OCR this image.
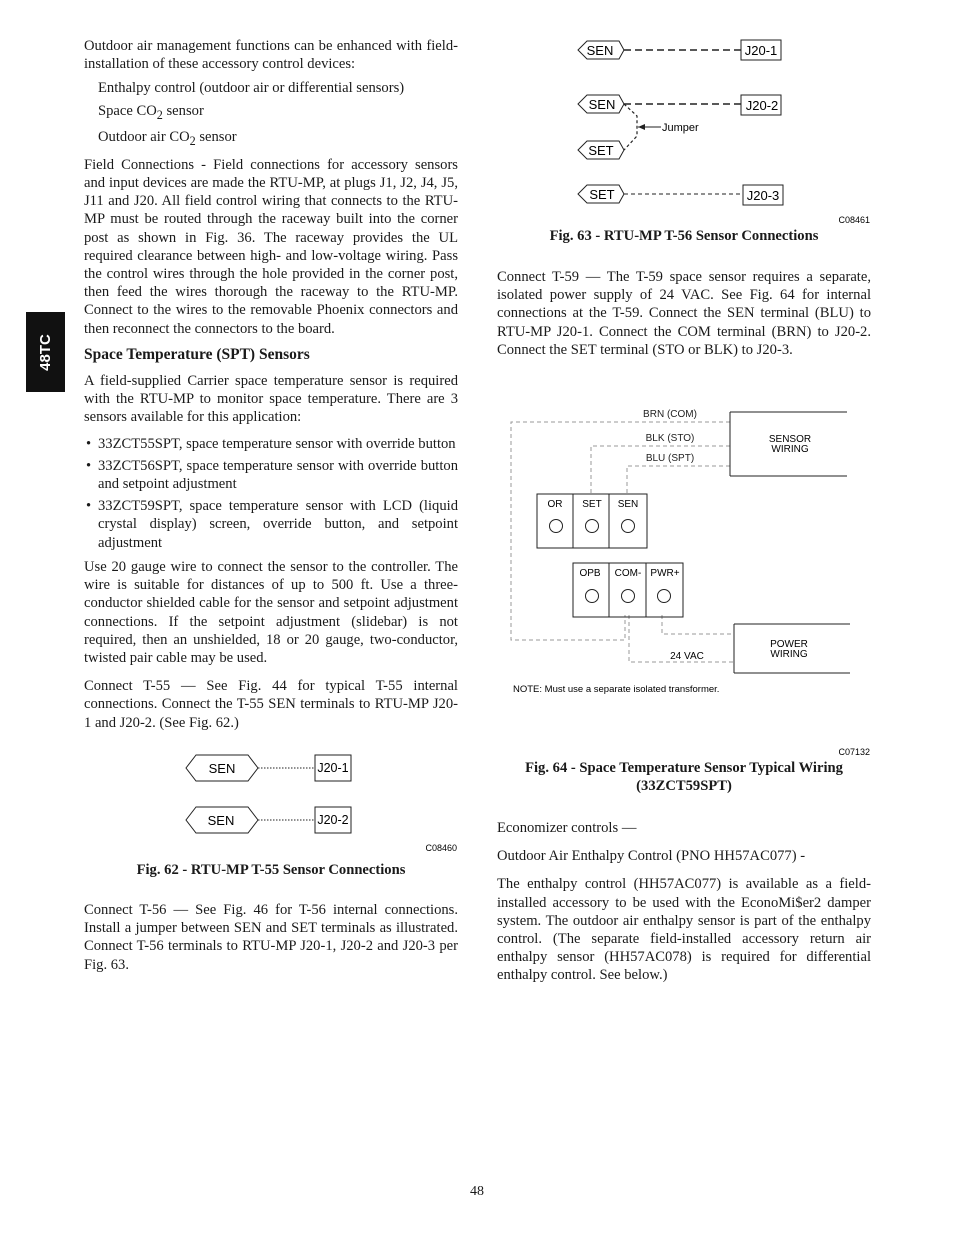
48TC

Outdoor air management functions can be enhanced with field-installation of these accessory control devices:

Enthalpy control (outdoor air or differential sensors)
Space $CO_2$ sensor
Outdoor air $CO_2$ sensor

Field Connections - Field connections for accessory sensors and input devices are made the RTU-MP, at plugs J1, J2, J4, J5, J11 and J20. All field control wiring that connects to the RTU-MP must be routed through the raceway built into the corner post as shown in Fig. 36. The raceway provides the UL required clearance between high- and low-voltage wiring. Pass the control wires through the hole provided in the corner post, then feed the wires thorough the raceway to the RTU-MP. Connect to the wires to the removable Phoenix connectors and then reconnect the connectors to the board.

Space Temperature (SPT) Sensors

A field-supplied Carrier space temperature sensor is required with the RTU-MP to monitor space temperature. There are 3 sensors available for this application:

• 33ZCT55SPT, space temperature sensor with override button
• 33ZCT56SPT, space temperature sensor with override button and setpoint adjustment
• 33ZCT59SPT, space temperature sensor with LCD (liquid crystal display) screen, override button, and setpoint adjustment

Use 20 gauge wire to connect the sensor to the controller. The wire is suitable for distances of up to 500 ft. Use a three-conductor shielded cable for the sensor and setpoint adjustment connections. If the setpoint adjustment (slidebar) is not required, then an unshielded, 18 or 20 gauge, two-conductor, twisted pair cable may be used.

Connect T-55 — See Fig. 44 for typical T-55 internal connections. Connect the T-55 SEN terminals to RTU-MP J20-1 and J20-2. (See Fig. 62.)

SEN	J20-1
SEN	J20-2
C08460
Fig. 62 - RTU-MP T-55 Sensor Connections

Connect T-56 — See Fig. 46 for T-56 internal connections. Install a jumper between SEN and SET terminals as illustrated. Connect T-56 terminals to RTU-MP J20-1, J20-2 and J20-3 per Fig. 63.

SEN	J20-1
SEN	J20-2
Jumper
SET
SET	J20-3
C08461
Fig. 63 - RTU-MP T-56 Sensor Connections

Connect T-59 — The T-59 space sensor requires a separate, isolated power supply of 24 VAC. See Fig. 64 for internal connections at the T-59. Connect the SEN terminal (BLU) to RTU-MP J20-1. Connect the COM terminal (BRN) to J20-2. Connect the SET terminal (STO or BLK) to J20-3.

BRN (COM)
BLK (STO)
BLU (SPT)
SENSOR
WIRING
OR SET SEN
OPB COM- PWR+
24 VAC
POWER
WIRING
NOTE: Must use a separate isolated transformer.
C07132
Fig. 64 - Space Temperature Sensor Typical Wiring
(33ZCT59SPT)

Economizer controls —

Outdoor Air Enthalpy Control (PNO HH57AC077) -

The enthalpy control (HH57AC077) is available as a field-installed accessory to be used with the EconoMi$er2 damper system. The outdoor air enthalpy sensor is part of the enthalpy control. (The separate field-installed accessory return air enthalpy sensor (HH57AC078) is required for differential enthalpy control. See below.)

48
